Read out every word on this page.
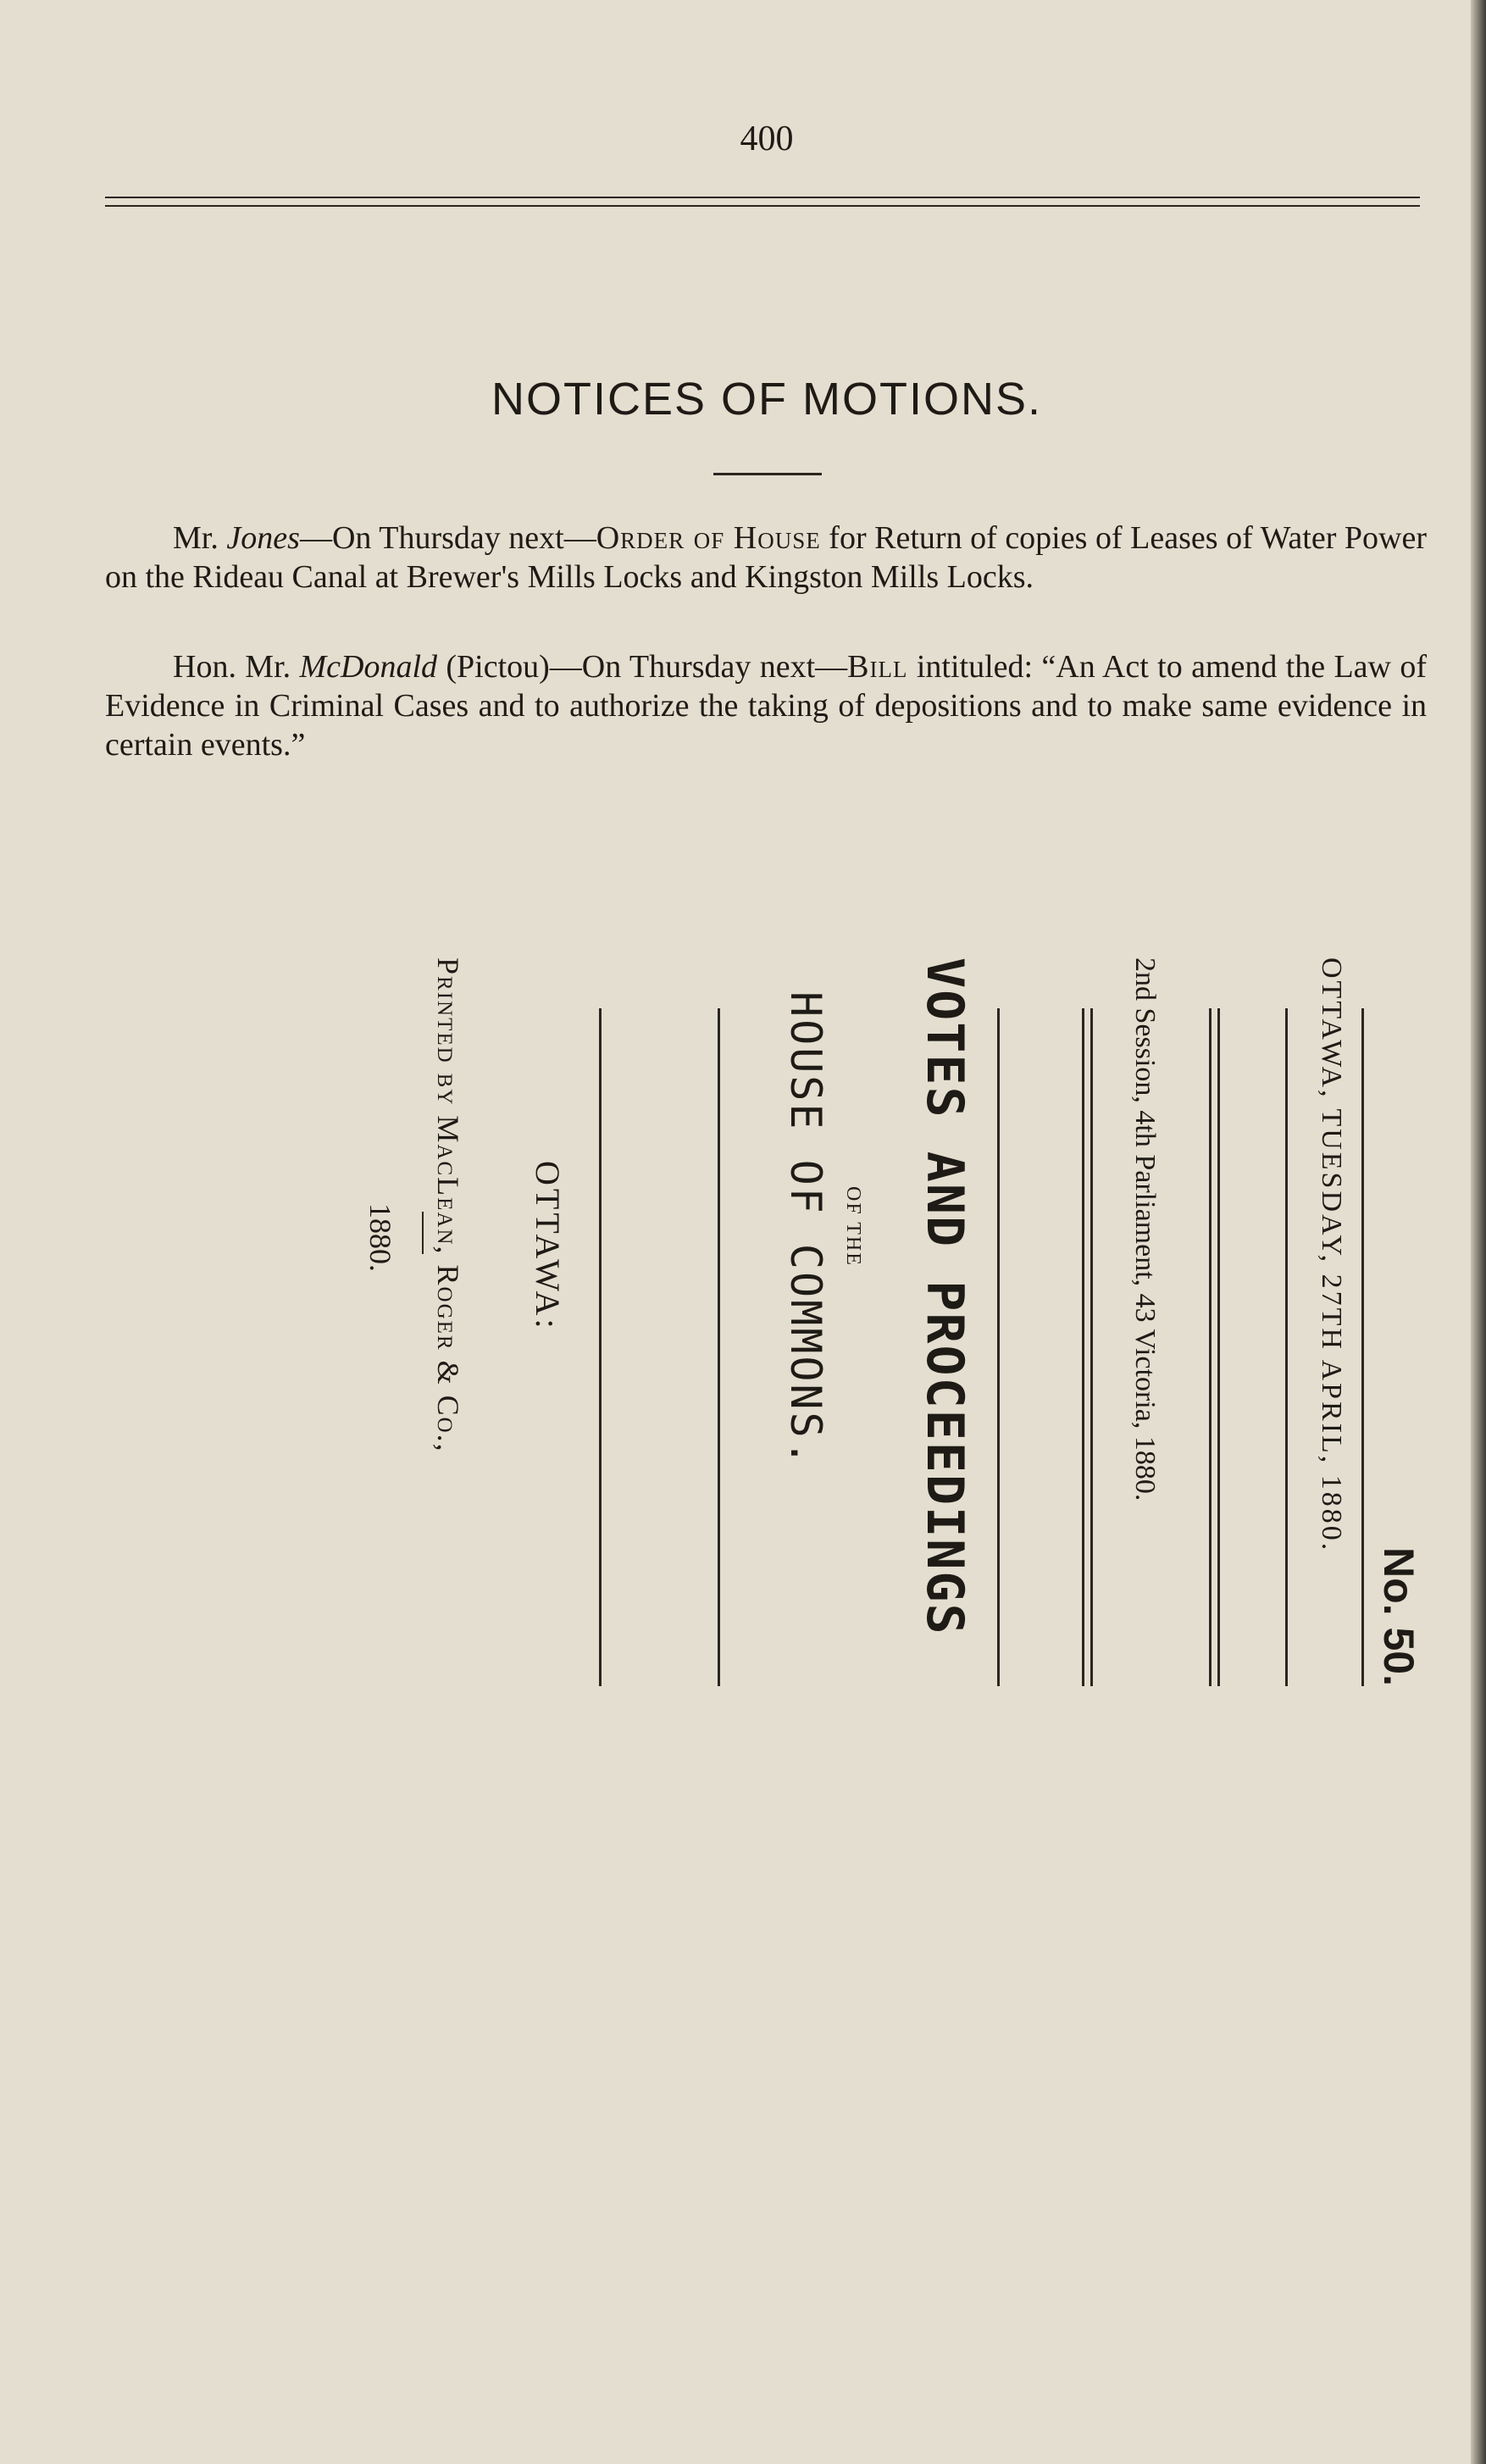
400
NOTICES OF MOTIONS.

Mr. Jones—On Thursday next—Order of House for Return of copies of Leases of Water Power on the Rideau Canal at Brewer's Mills Locks and Kingston Mills Locks.

Hon. Mr. McDonald (Pictou)—On Thursday next—Bill intituled: “An Act to amend the Law of Evidence in Criminal Cases and to authorize the taking of depositions and to make same evidence in certain events.”

No. 50.
OTTAWA, TUESDAY, 27TH APRIL, 1880.
2nd Session, 4th Parliament, 43 Victoria, 1880.
VOTES AND PROCEEDINGS
OF THE
HOUSE OF COMMONS.
OTTAWA:
Printed by MacLean, Roger & Co.,
1880.
